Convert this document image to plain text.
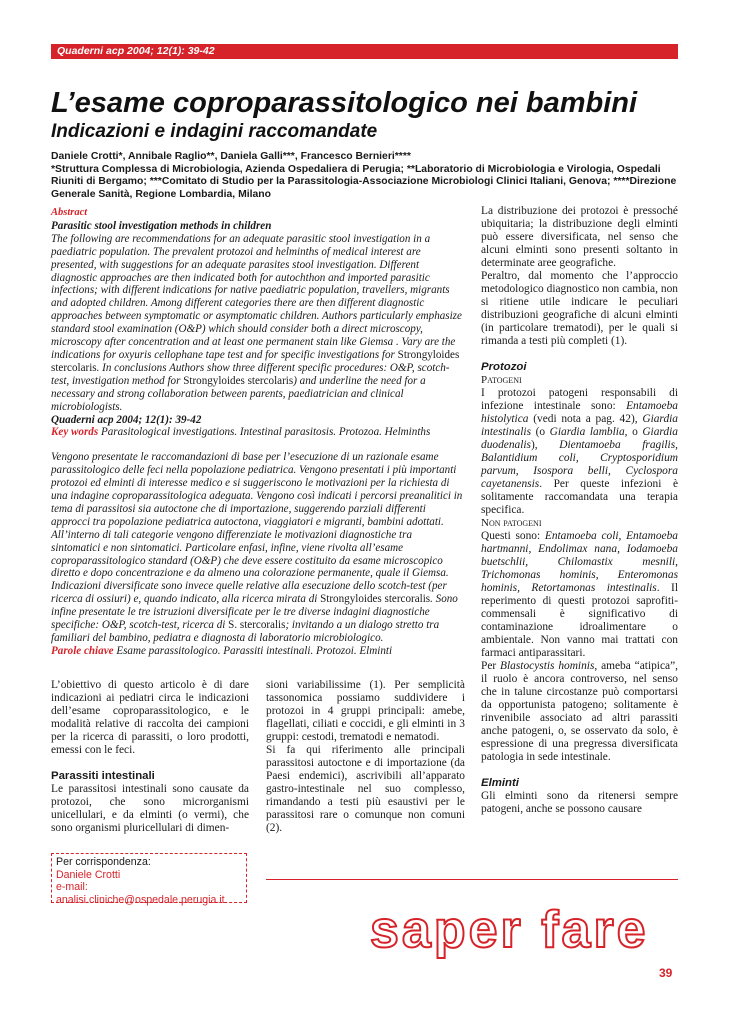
Quaderni acp 2004; 12(1): 39-42
L’esame coproparassitologico nei bambini
Indicazioni e indagini raccomandate
Daniele Crotti*, Annibale Raglio**, Daniela Galli***, Francesco Bernieri****
*Struttura Complessa di Microbiologia, Azienda Ospedaliera di Perugia; **Laboratorio di Microbiologia e Virologia, Ospedali Riuniti di Bergamo; ***Comitato di Studio per la Parassitologia-Associazione Microbiologi Clinici Italiani, Genova; ****Direzione Generale Sanità, Regione Lombardia, Milano
Abstract
Parasitic stool investigation methods in children
The following are recommendations for an adequate parasitic stool investigation in a paediatric population. The prevalent protozoi and helminths of medical interest are presented, with suggestions for an adequate parasites stool investigation. Different diagnostic approaches are then indicated both for autochthon and imported parasitic infections; with different indications for native paediatric population, travellers, migrants and adopted children. Among different categories there are then different diagnostic approaches between symptomatic or asymptomatic children. Authors particularly emphasize standard stool examination (O&P) which should consider both a direct microscopy, microscopy after concentration and at least one permanent stain like Giemsa . Vary are the indications for oxyuris cellophane tape test and for specific investigations for Strongyloides stercolaris. In conclusions Authors show three different specific procedures: O&P, scotch-test, investigation method for Strongyloides stercolaris) and underline the need for a necessary and strong collaboration between parents, paediatrician and clinical microbiologists.
Quaderni acp 2004; 12(1): 39-42
Key words Parasitological investigations. Intestinal parasitosis. Protozoa. Helminths
Vengono presentate le raccomandazioni di base per l’esecuzione di un razionale esame parassitologico delle feci nella popolazione pediatrica. Vengono presentati i più importanti protozoi ed elminti di interesse medico e si suggeriscono le motivazioni per la richiesta di una indagine coproparassitologica adeguata. Vengono così indicati i percorsi preanalitici in tema di parassitosi sia autoctone che di importazione, suggerendo parziali differenti approcci tra popolazione pediatrica autoctona, viaggiatori e migranti, bambini adottati. All’interno di tali categorie vengono differenziate le motivazioni diagnostiche tra sintomatici e non sintomatici. Particolare enfasi, infine, viene rivolta all’esame coproparassitologico standard (O&P) che deve essere costituito da esame microscopico diretto e dopo concentrazione e da almeno una colorazione permanente, quale il Giemsa. Indicazioni diversificate sono invece quelle relative alla esecuzione dello scotch-test (per ricerca di ossiuri) e, quando indicato, alla ricerca mirata di Strongyloides stercoralis. Sono infine presentate le tre istruzioni diversificate per le tre diverse indagini diagnostiche specifiche: O&P, scotch-test, ricerca di S. stercoralis; invitando a un dialogo stretto tra familiari del bambino, pediatra e diagnosta di laboratorio microbiologico.
Parole chiave Esame parassitologico. Parassiti intestinali. Protozoi. Elminti

L’obiettivo di questo articolo è di dare indicazioni ai pediatri circa le indicazioni dell’esame coproparassitologico, e le modalità relative di raccolta dei campioni per la ricerca di parassiti, o loro prodotti, emessi con le feci.

Parassiti intestinali

Le parassitosi intestinali sono causate da protozoi, che sono microrganismi unicellulari, e da elminti (o vermi), che sono organismi pluricellulari di dimen-

sioni variabilissime (1). Per semplicità tassonomica possiamo suddividere i protozoi in 4 gruppi principali: amebe, flagellati, ciliati e coccidi, e gli elminti in 3 gruppi: cestodi, trematodi e nematodi.

Si fa qui riferimento alle principali parassitosi autoctone e di importazione (da Paesi endemici), ascrivibili all’apparato gastro-intestinale nel suo complesso, rimandando a testi più esaustivi per le parassitosi rare o comunque non comuni (2).

La distribuzione dei protozoi è pressoché ubiquitaria; la distribuzione degli elminti può essere diversificata, nel senso che alcuni elminti sono presenti soltanto in determinate aree geografiche.

Peraltro, dal momento che l’approccio metodologico diagnostico non cambia, non si ritiene utile indicare le peculiari distribuzioni geografiche di alcuni elminti (in particolare trematodi), per le quali si rimanda a testi più completi (1).

Protozoi

Patogeni

I protozoi patogeni responsabili di infezione intestinale sono: Entamoeba histolytica (vedi nota a pag. 42), Giardia intestinalis (o Giardia lamblia, o Giardia duodenalis), Dientamoeba fragilis, Balantidium coli, Cryptosporidium parvum, Isospora belli, Cyclospora cayetanensis. Per queste infezioni è solitamente raccomandata una terapia specifica.

Non patogeni

Questi sono: Entamoeba coli, Entamoeba hartmanni, Endolimax nana, Iodamoeba buetschlii, Chilomastix mesnili, Trichomonas hominis, Enteromonas hominis, Retortamonas intestinalis. Il reperimento di questi protozoi saprofiti-commensali è significativo di contaminazione idroalimentare o ambientale. Non vanno mai trattati con farmaci antiparassitari.

Per Blastocystis hominis, ameba “atipica”, il ruolo è ancora controverso, nel senso che in talune circostanze può comportarsi da opportunista patogeno; solitamente è rinvenibile associato ad altri parassiti anche patogeni, o, se osservato da solo, è espressione di una pregressa diversificata patologia in sede intestinale.

Elminti

Gli elminti sono da ritenersi sempre patogeni, anche se possono causare

Per corrispondenza:
Daniele Crotti
e-mail: analisi.cliniche@ospedale.perugia.it
saper fare
39
